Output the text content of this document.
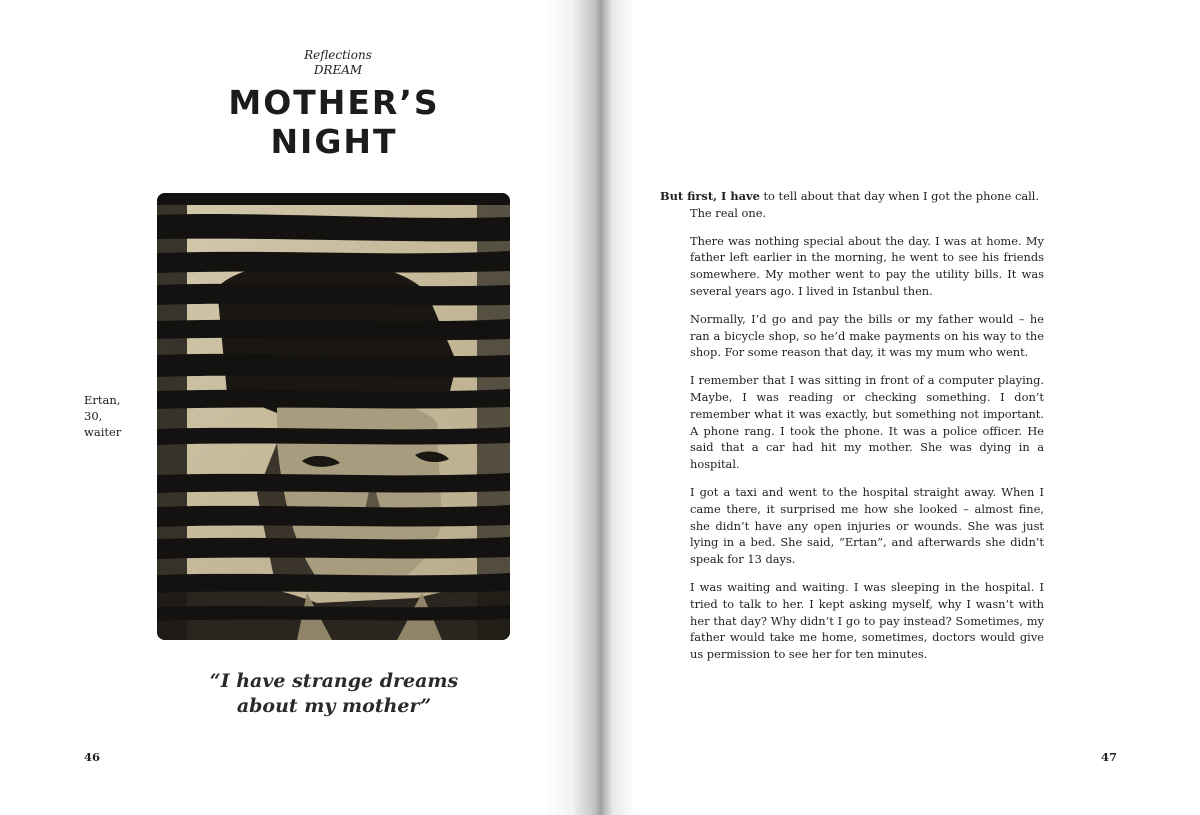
Reflections
DREAM
MOTHER’S
NIGHT
Ertan,
30,
waiter
“I have strange dreams
about my mother”
46

But first, I have to tell about that day when I got the phone call. The real one.

There was nothing special about the day. I was at home. My father left earlier in the morning, he went to see his friends somewhere. My mother went to pay the utility bills. It was several years ago. I lived in Istanbul then.

Normally, I’d go and pay the bills or my father would – he ran a bicycle shop, so he’d make payments on his way to the shop. For some reason that day, it was my mum who went.

I remember that I was sitting in front of a computer playing. Maybe, I was reading or checking something. I don’t remember what it was exactly, but something not important. A phone rang. I took the phone. It was a police officer. He said that a car had hit my mother. She was dying in a hospital.

I got a taxi and went to the hospital straight away. When I came there, it surprised me how she looked – almost fine, she didn’t have any open injuries or wounds. She was just lying in a bed. She said, “Ertan”, and afterwards she didn’t speak for 13 days.

I was waiting and waiting. I was sleeping in the hospital. I tried to talk to her. I kept asking myself, why I wasn’t with her that day? Why didn’t I go to pay instead? Sometimes, my father would take me home, sometimes, doctors would give us permission to see her for ten minutes.

47
